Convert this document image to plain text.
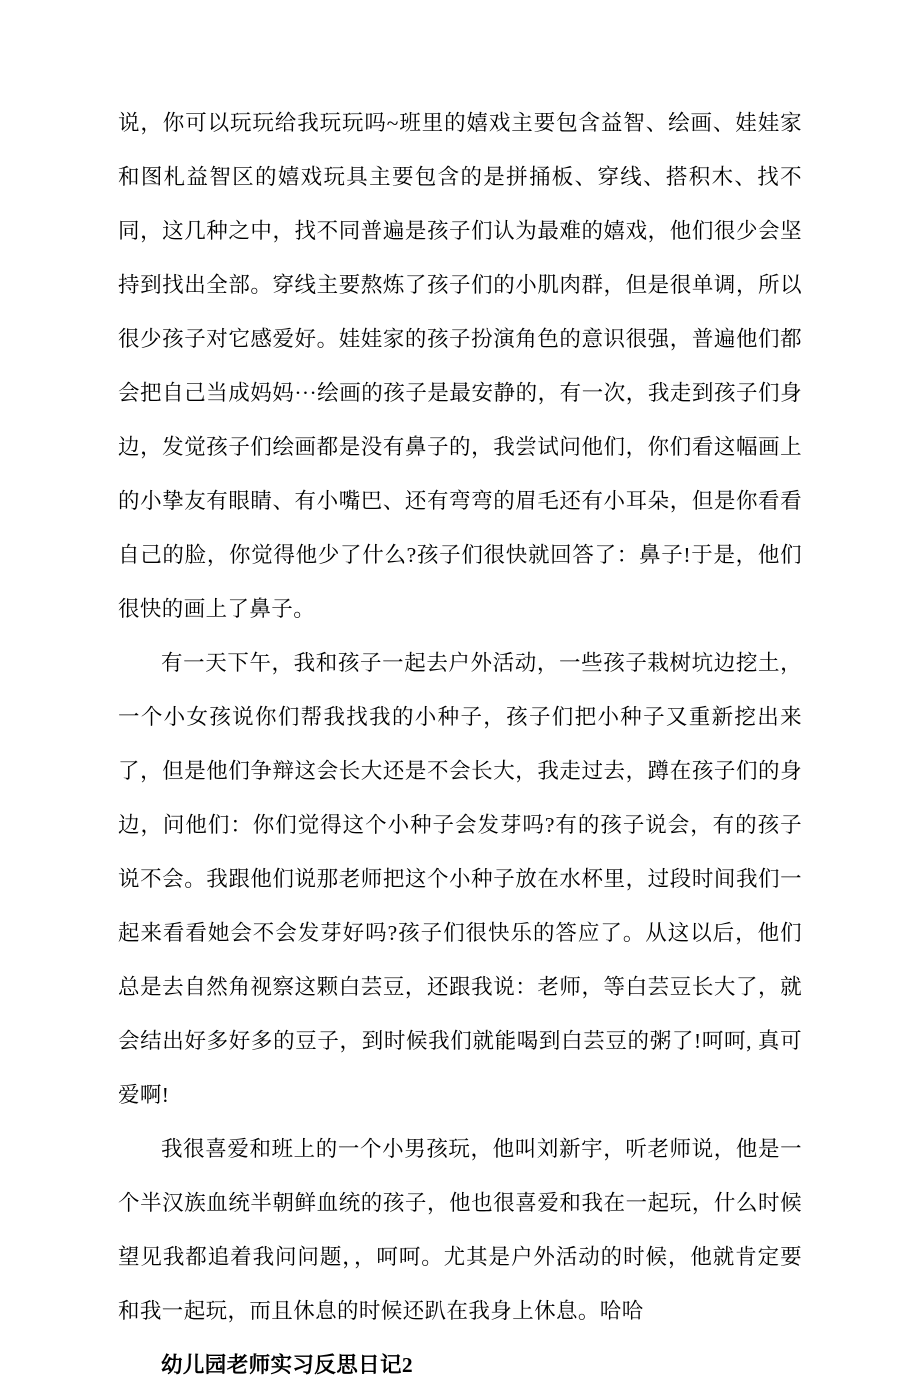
说，你可以玩玩给我玩玩吗~班里的嬉戏主要包含益智、绘画、娃娃家和图札益智区的嬉戏玩具主要包含的是拼捅板、穿线、搭积木、找不同，这几种之中，找不同普遍是孩子们认为最难的嬉戏，他们很少会坚持到找出全部。穿线主要熬炼了孩子们的小肌肉群，但是很单调，所以很少孩子对它感爱好。娃娃家的孩子扮演角色的意识很强，普遍他们都会把自己当成妈妈···绘画的孩子是最安静的，有一次，我走到孩子们身边，发觉孩子们绘画都是没有鼻子的，我尝试问他们，你们看这幅画上的小挚友有眼睛、有小嘴巴、还有弯弯的眉毛还有小耳朵，但是你看看自己的脸，你觉得他少了什么?孩子们很快就回答了：鼻子!于是，他们很快的画上了鼻子。

有一天下午，我和孩子一起去户外活动，一些孩子栽树坑边挖土，一个小女孩说你们帮我找我的小种子，孩子们把小种子又重新挖出来了，但是他们争辩这会长大还是不会长大，我走过去，蹲在孩子们的身边，问他们：你们觉得这个小种子会发芽吗?有的孩子说会，有的孩子说不会。我跟他们说那老师把这个小种子放在水杯里，过段时间我们一起来看看她会不会发芽好吗?孩子们很快乐的答应了。从这以后，他们总是去自然角视察这颗白芸豆，还跟我说：老师，等白芸豆长大了，就会结出好多好多的豆子，到时候我们就能喝到白芸豆的粥了!呵呵, 真可爱啊!

我很喜爱和班上的一个小男孩玩，他叫刘新宇，听老师说，他是一个半汉族血统半朝鲜血统的孩子，他也很喜爱和我在一起玩，什么时候望见我都追着我问问题，，呵呵。尤其是户外活动的时候，他就肯定要和我一起玩，而且休息的时候还趴在我身上休息。哈哈

幼儿园老师实习反思日记2
